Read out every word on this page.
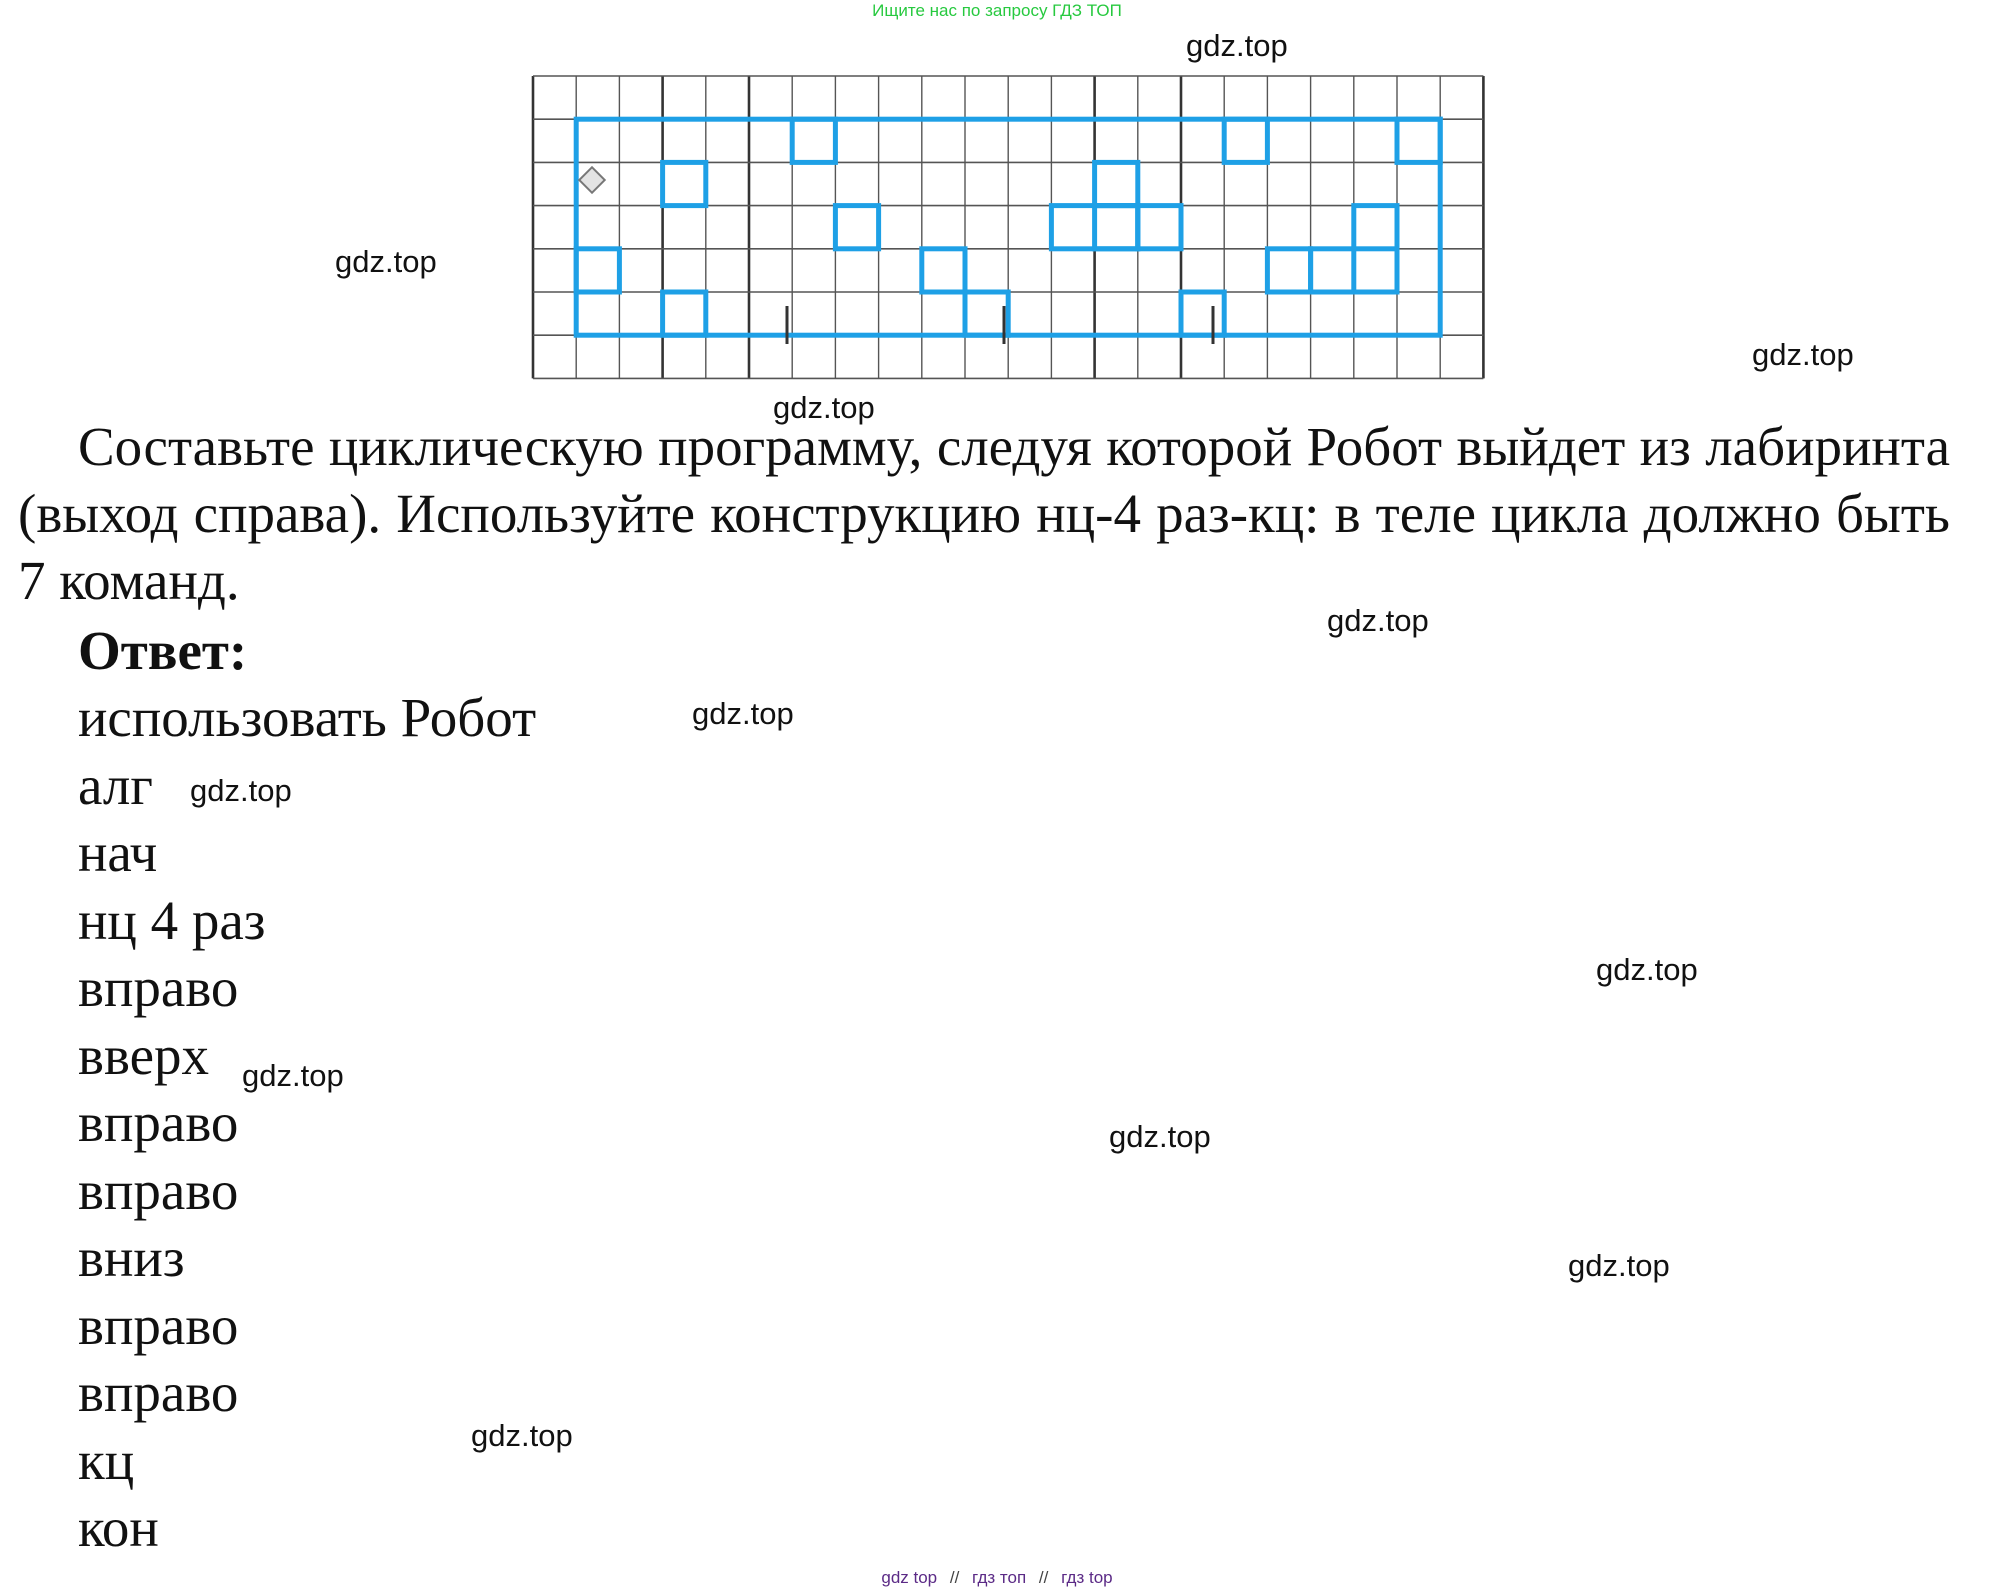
Ищите нас по запросу ГДЗ ТОП
gdz.top
gdz.top
gdz.top
gdz.top
gdz.top
gdz.top
gdz.top
gdz.top
gdz.top
gdz.top
gdz.top
gdz.top
Составьте циклическую программу, следуя которой Робот выйдет из лабиринта (выход справа). Используйте конструкцию нц-4 раз-кц: в теле цикла должно быть 7 команд.
Ответ:
использовать Робот
алг
нач
нц 4 раз
вправо
вверх
вправо
вправо
вниз
вправо
вправо
кц
кон
gdz top // гдз топ // гдз top
